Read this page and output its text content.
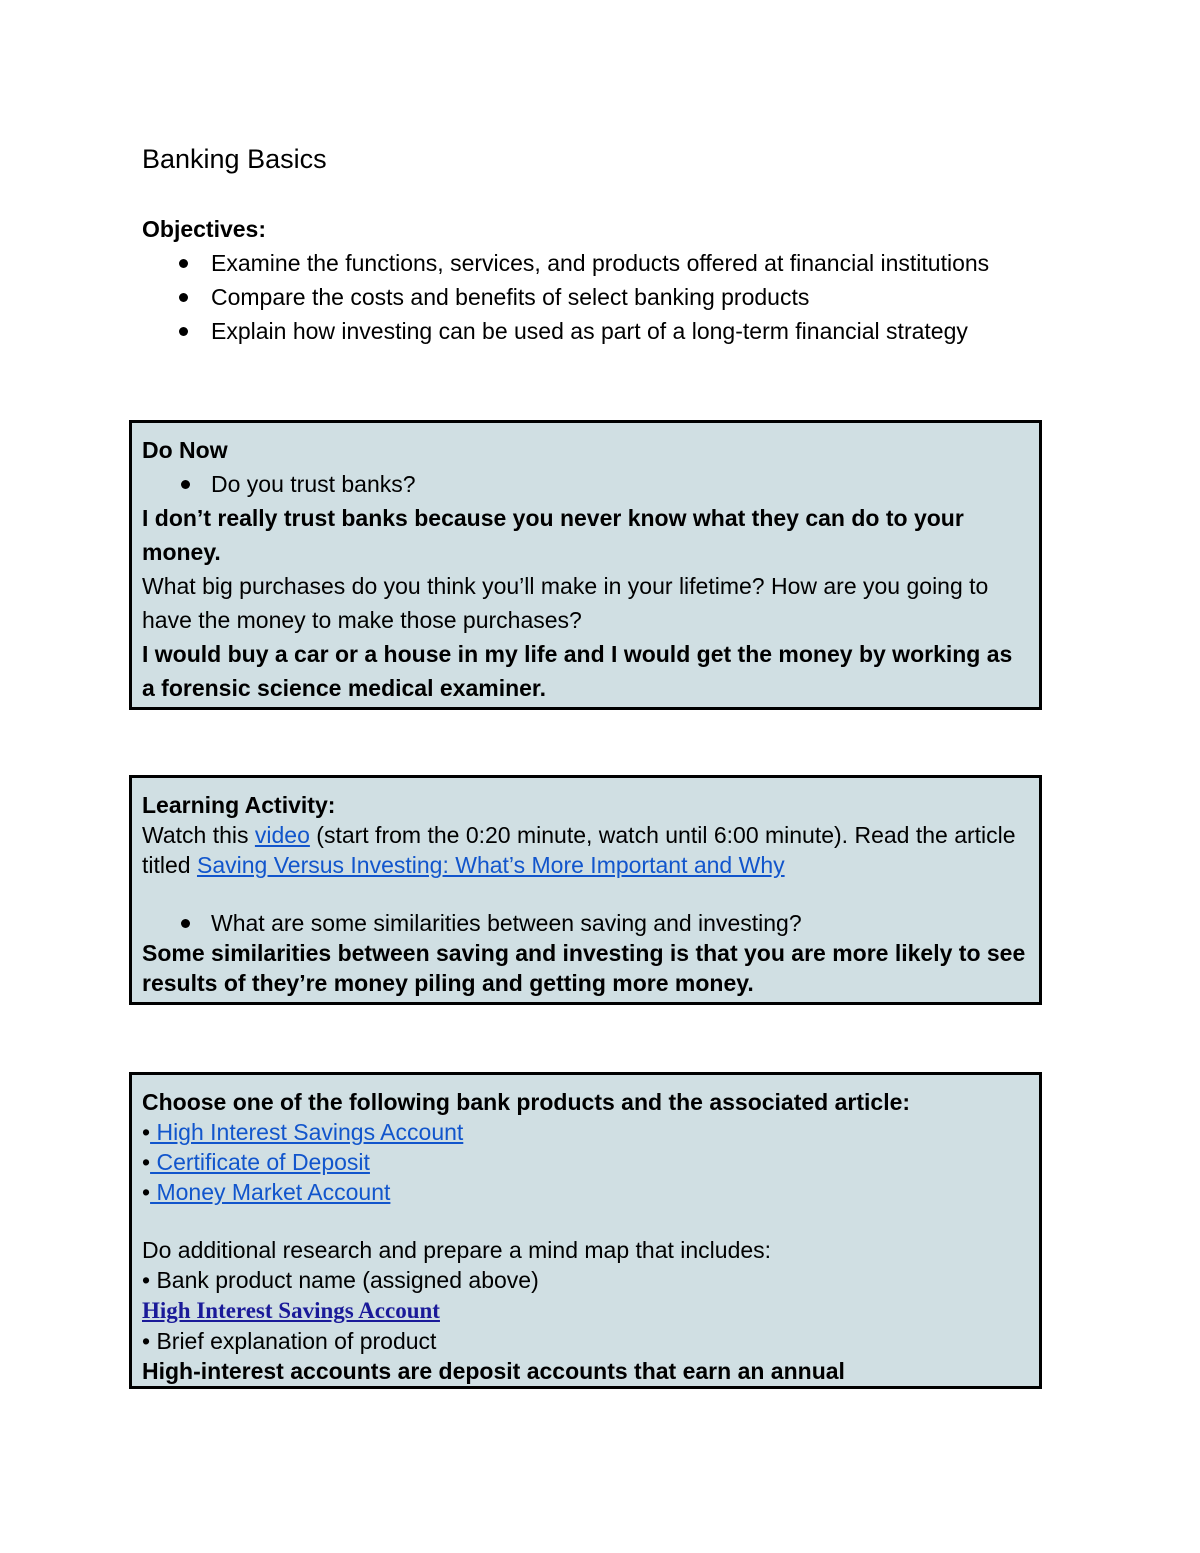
Banking Basics
Objectives:
Examine the functions, services, and products offered at financial institutions
Compare the costs and benefits of select banking products
Explain how investing can be used as part of a long-term financial strategy
Do Now
Do you trust banks?
I don’t really trust banks because you never know what they can do to your money.
What big purchases do you think you’ll make in your lifetime? How are you going to have the money to make those purchases?
I would buy a car or a house in my life and I would get the money by working as a forensic science medical examiner.
Learning Activity:
Watch this video (start from the 0:20 minute, watch until 6:00 minute). Read the article titled Saving Versus Investing: What’s More Important and Why
What are some similarities between saving and investing?
Some similarities between saving and investing is that you are more likely to see results of they’re money piling and getting more money.
Choose one of the following bank products and the associated article:
• High Interest Savings Account
• Certificate of Deposit
• Money Market Account
Do additional research and prepare a mind map that includes:
• Bank product name (assigned above)
High Interest Savings Account
• Brief explanation of product
High-interest accounts are deposit accounts that earn an annual
